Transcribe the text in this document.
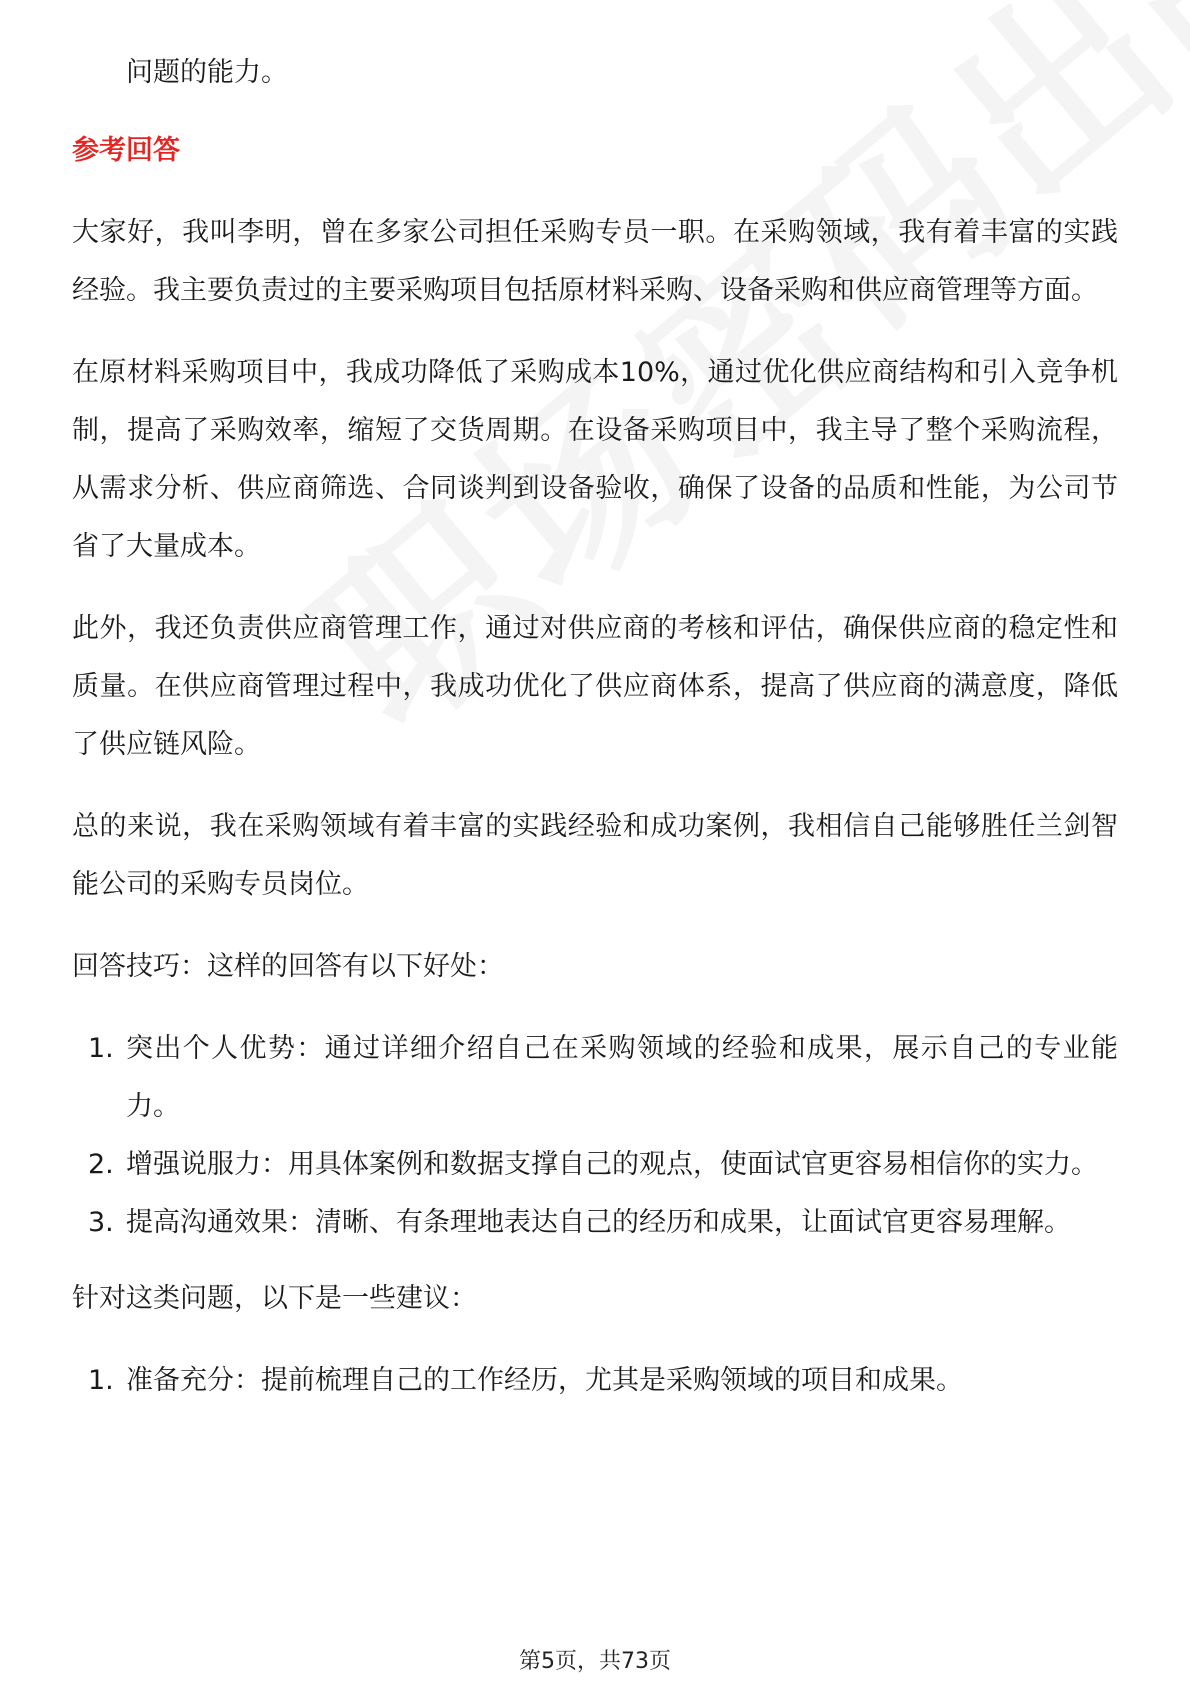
问题的能力。
参考回答

大家好，我叫李明，曾在多家公司担任采购专员一职。在采购领域，我有着丰富的实践经验。我主要负责过的主要采购项目包括原材料采购、设备采购和供应商管理等方面。

在原材料采购项目中，我成功降低了采购成本10%，通过优化供应商结构和引入竞争机制，提高了采购效率，缩短了交货周期。在设备采购项目中，我主导了整个采购流程，从需求分析、供应商筛选、合同谈判到设备验收，确保了设备的品质和性能，为公司节省了大量成本。

此外，我还负责供应商管理工作，通过对供应商的考核和评估，确保供应商的稳定性和质量。在供应商管理过程中，我成功优化了供应商体系，提高了供应商的满意度，降低了供应链风险。

总的来说，我在采购领域有着丰富的实践经验和成功案例，我相信自己能够胜任兰剑智能公司的采购专员岗位。

回答技巧：这样的回答有以下好处：

1. 突出个人优势：通过详细介绍自己在采购领域的经验和成果，展示自己的专业能力。
2. 增强说服力：用具体案例和数据支撑自己的观点，使面试官更容易相信你的实力。
3. 提高沟通效果：清晰、有条理地表达自己的经历和成果，让面试官更容易理解。

针对这类问题，以下是一些建议：

1. 准备充分：提前梳理自己的工作经历，尤其是采购领域的项目和成果。
第5页，共73页
